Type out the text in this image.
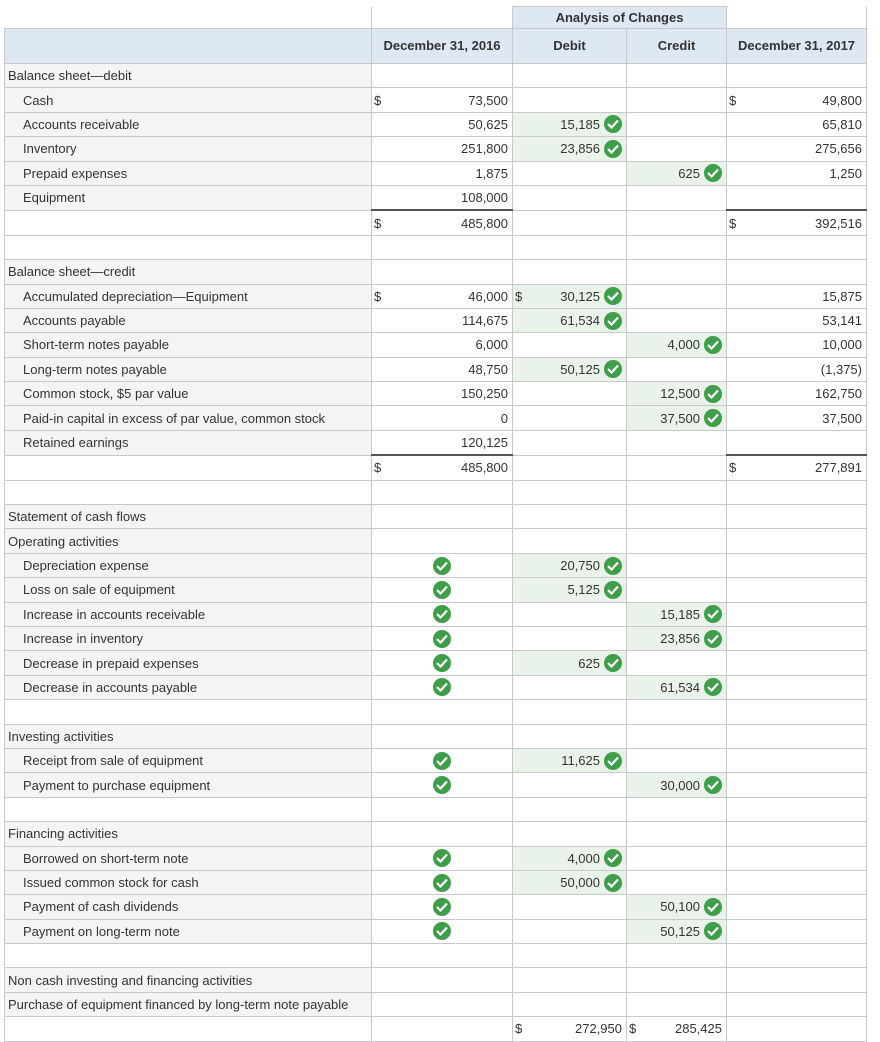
		Analysis of Changes		
	December 31, 2016	Debit	Credit	December 31, 2017
Balance sheet—debit				
Cash	$ 73,500			$ 49,800

Accounts receivable	50,625	15,185		65,810

Inventory	251,800	23,856		275,656

Prepaid expenses	1,875		625	1,250

Equipment	108,000			

	$ 485,800			$ 392,516

Balance sheet—credit				
Accumulated depreciation—Equipment	$ 46,000	$ 30,125		15,875

Accounts payable	114,675	61,534		53,141

Short-term notes payable	6,000		4,000	10,000

Long-term notes payable	48,750	50,125		(1,375)

Common stock, $5 par value	150,250		12,500	162,750

Paid-in capital in excess of par value, common stock	0		37,500	37,500

Retained earnings	120,125			

	$ 485,800			$ 277,891

Statement of cash flows				
Operating activities				
Depreciation expense		20,750		

Loss on sale of equipment		5,125		

Increase in accounts receivable			15,185	

Increase in inventory			23,856	

Decrease in prepaid expenses		625		

Decrease in accounts payable			61,534	

Investing activities				
Receipt from sale of equipment		11,625		

Payment to purchase equipment			30,000	

Financing activities				
Borrowed on short-term note		4,000		

Issued common stock for cash		50,000		

Payment of cash dividends			50,100	

Payment on long-term note			50,125	

Non cash investing and financing activities				
Purchase of equipment financed by long-term note payable				

		$ 272,950	$ 285,425	
